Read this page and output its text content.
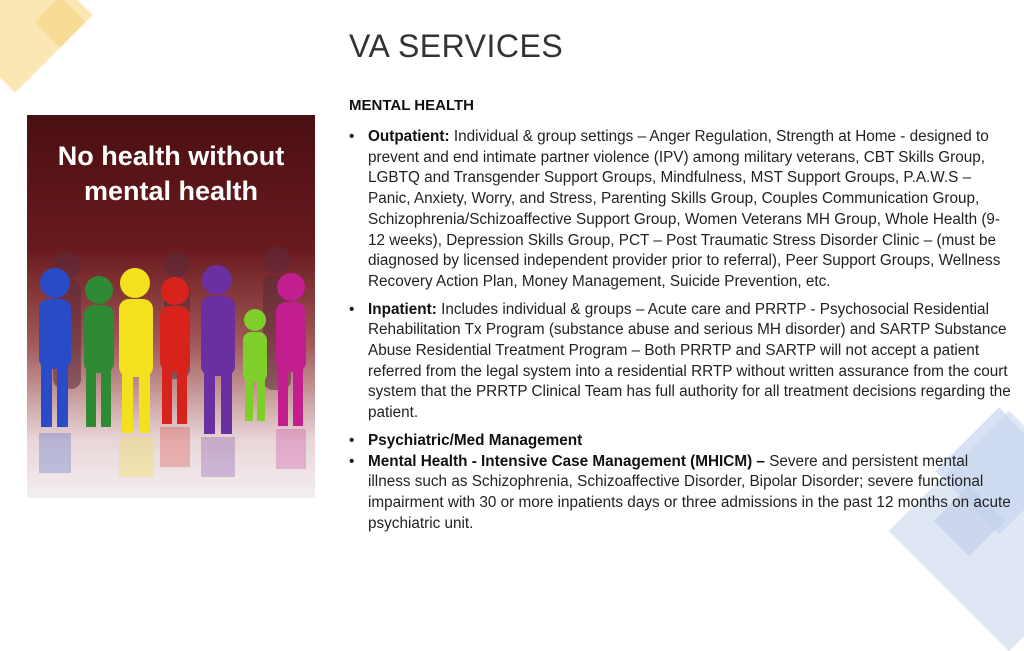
VA SERVICES
MENTAL HEALTH
No health without
mental health
• Outpatient: Individual & group settings – Anger Regulation, Strength at Home - designed to prevent and end intimate partner violence (IPV) among military veterans, CBT Skills Group, LGBTQ and Transgender Support Groups, Mindfulness, MST Support Groups, P.A.W.S – Panic, Anxiety, Worry, and Stress, Parenting Skills Group, Couples Communication Group, Schizophrenia/Schizoaffective Support Group, Women Veterans MH Group, Whole Health (9-12 weeks), Depression Skills Group, PCT – Post Traumatic Stress Disorder Clinic – (must be diagnosed by licensed independent provider prior to referral), Peer Support Groups, Wellness Recovery Action Plan, Money Management, Suicide Prevention, etc.
• Inpatient: Includes individual & groups – Acute care and PRRTP - Psychosocial Residential Rehabilitation Tx Program (substance abuse and serious MH disorder) and SARTP Substance Abuse Residential Treatment Program – Both PRRTP and SARTP will not accept a patient referred from the legal system into a residential RRTP without written assurance from the court system that the PRRTP Clinical Team has full authority for all treatment decisions regarding the patient.
• Psychiatric/Med Management
• Mental Health - Intensive Case Management (MHICM) – Severe and persistent mental illness such as Schizophrenia, Schizoaffective Disorder, Bipolar Disorder; severe functional impairment with 30 or more inpatients days or three admissions in the past 12 months on acute psychiatric unit.
